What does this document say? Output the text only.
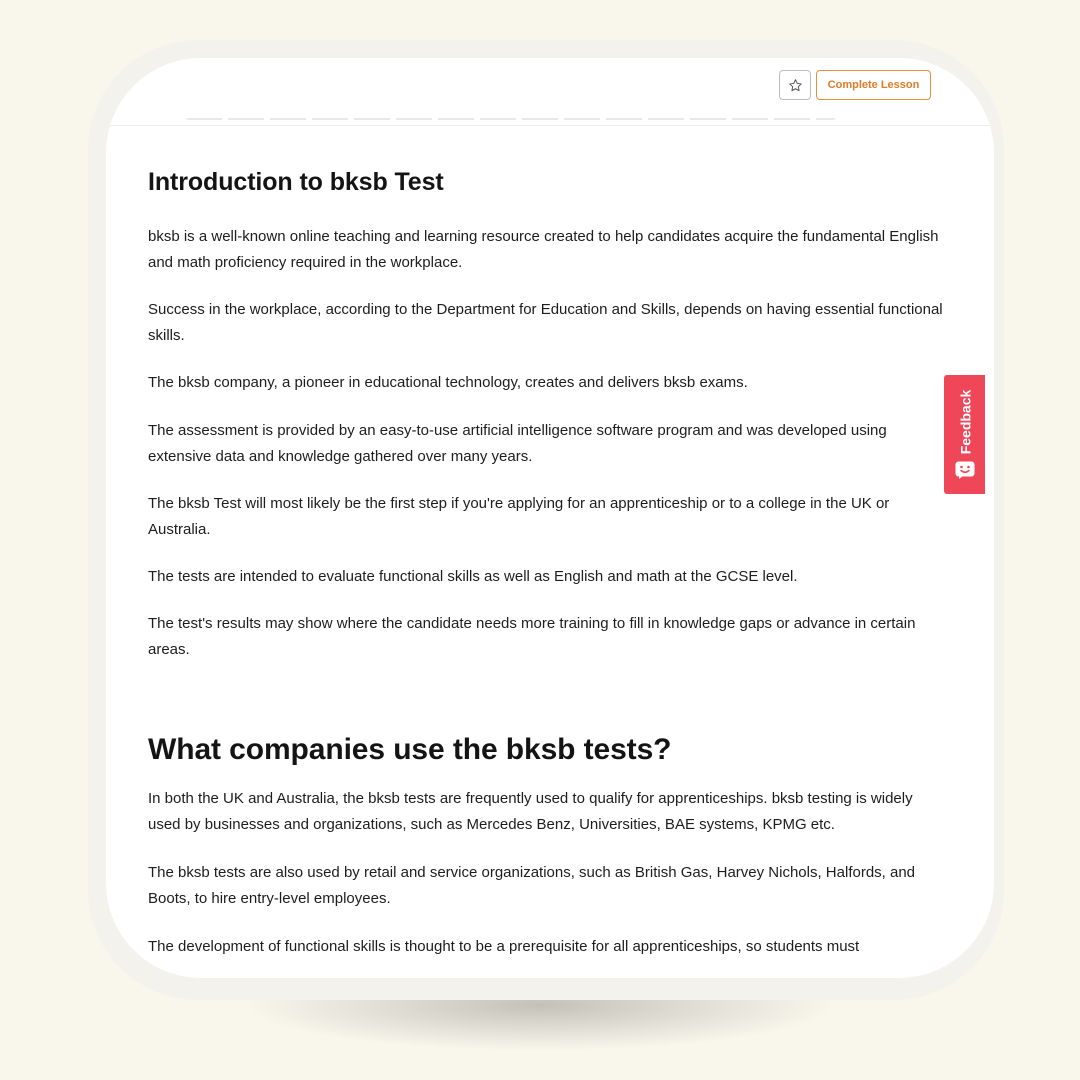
Complete Lesson
Introduction to bksb Test

bksb is a well-known online teaching and learning resource created to help candidates acquire the fundamental English and math proficiency required in the workplace.

Success in the workplace, according to the Department for Education and Skills, depends on having essential functional skills.

The bksb company, a pioneer in educational technology, creates and delivers bksb exams.

The assessment is provided by an easy-to-use artificial intelligence software program and was developed using extensive data and knowledge gathered over many years.

The bksb Test will most likely be the first step if you're applying for an apprenticeship or to a college in the UK or Australia.

The tests are intended to evaluate functional skills as well as English and math at the GCSE level.

The test's results may show where the candidate needs more training to fill in knowledge gaps or advance in certain areas.

What companies use the bksb tests?

In both the UK and Australia, the bksb tests are frequently used to qualify for apprenticeships. bksb testing is widely used by businesses and organizations, such as Mercedes Benz, Universities, BAE systems, KPMG etc.

The bksb tests are also used by retail and service organizations, such as British Gas, Harvey Nichols, Halfords, and Boots, to hire entry-level employees.

The development of functional skills is thought to be a prerequisite for all apprenticeships, so students must

Feedback
